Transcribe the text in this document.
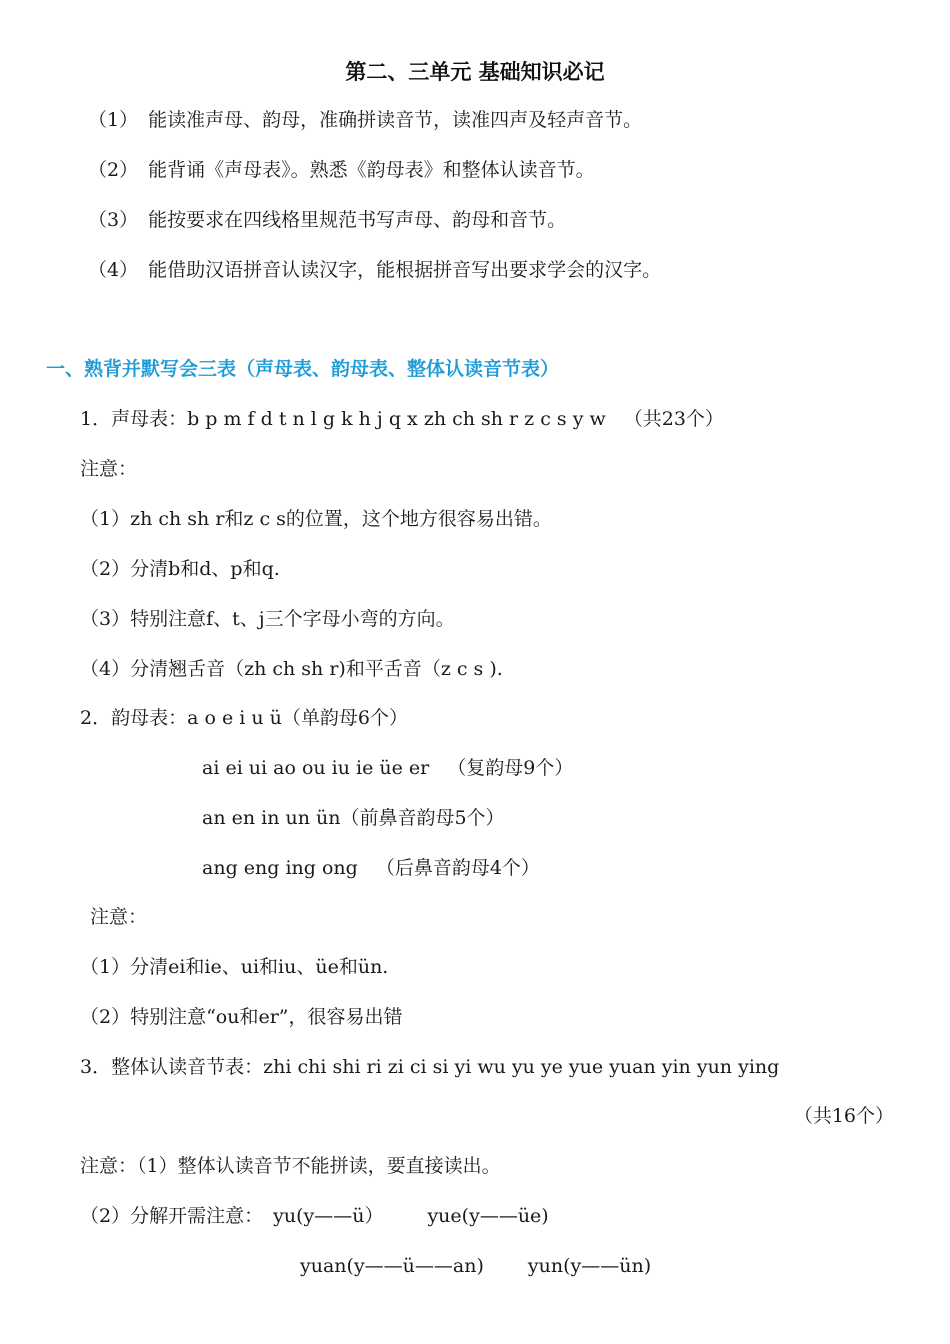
第二、三单元 基础知识必记
（1） 能读准声母、韵母，准确拼读音节，读准四声及轻声音节。
（2） 能背诵《声母表》。熟悉《韵母表》和整体认读音节。
（3） 能按要求在四线格里规范书写声母、韵母和音节。
（4） 能借助汉语拼音认读汉字，能根据拼音写出要求学会的汉字。
一、熟背并默写会三表（声母表、韵母表、整体认读音节表）
1．声母表：b p m f d t n l g k h j q x zh ch sh r z c s y w （共23个）
注意：
（1）zh ch sh r和z c s的位置，这个地方很容易出错。
（2）分清b和d、p和q.
（3）特别注意f、t、j三个字母小弯的方向。
（4）分清翘舌音（zh ch sh r)和平舌音（z c s ).
2．韵母表：a o e i u ü（单韵母6个）
ai ei ui ao ou iu ie üe er （复韵母9个）
an en in un ün（前鼻音韵母5个）
ang eng ing ong （后鼻音韵母4个）
注意：
（1）分清ei和ie、ui和iu、üe和ün.
（2）特别注意“ou和er”，很容易出错
3．整体认读音节表：zhi chi shi ri zi ci si yi wu yu ye yue yuan yin yun ying
（共16个）
注意：（1）整体认读音节不能拼读，要直接读出。
（2）分解开需注意： yu(y——ü） yue(y——üe)
yuan(y——ü——an) yun(y——ün)
